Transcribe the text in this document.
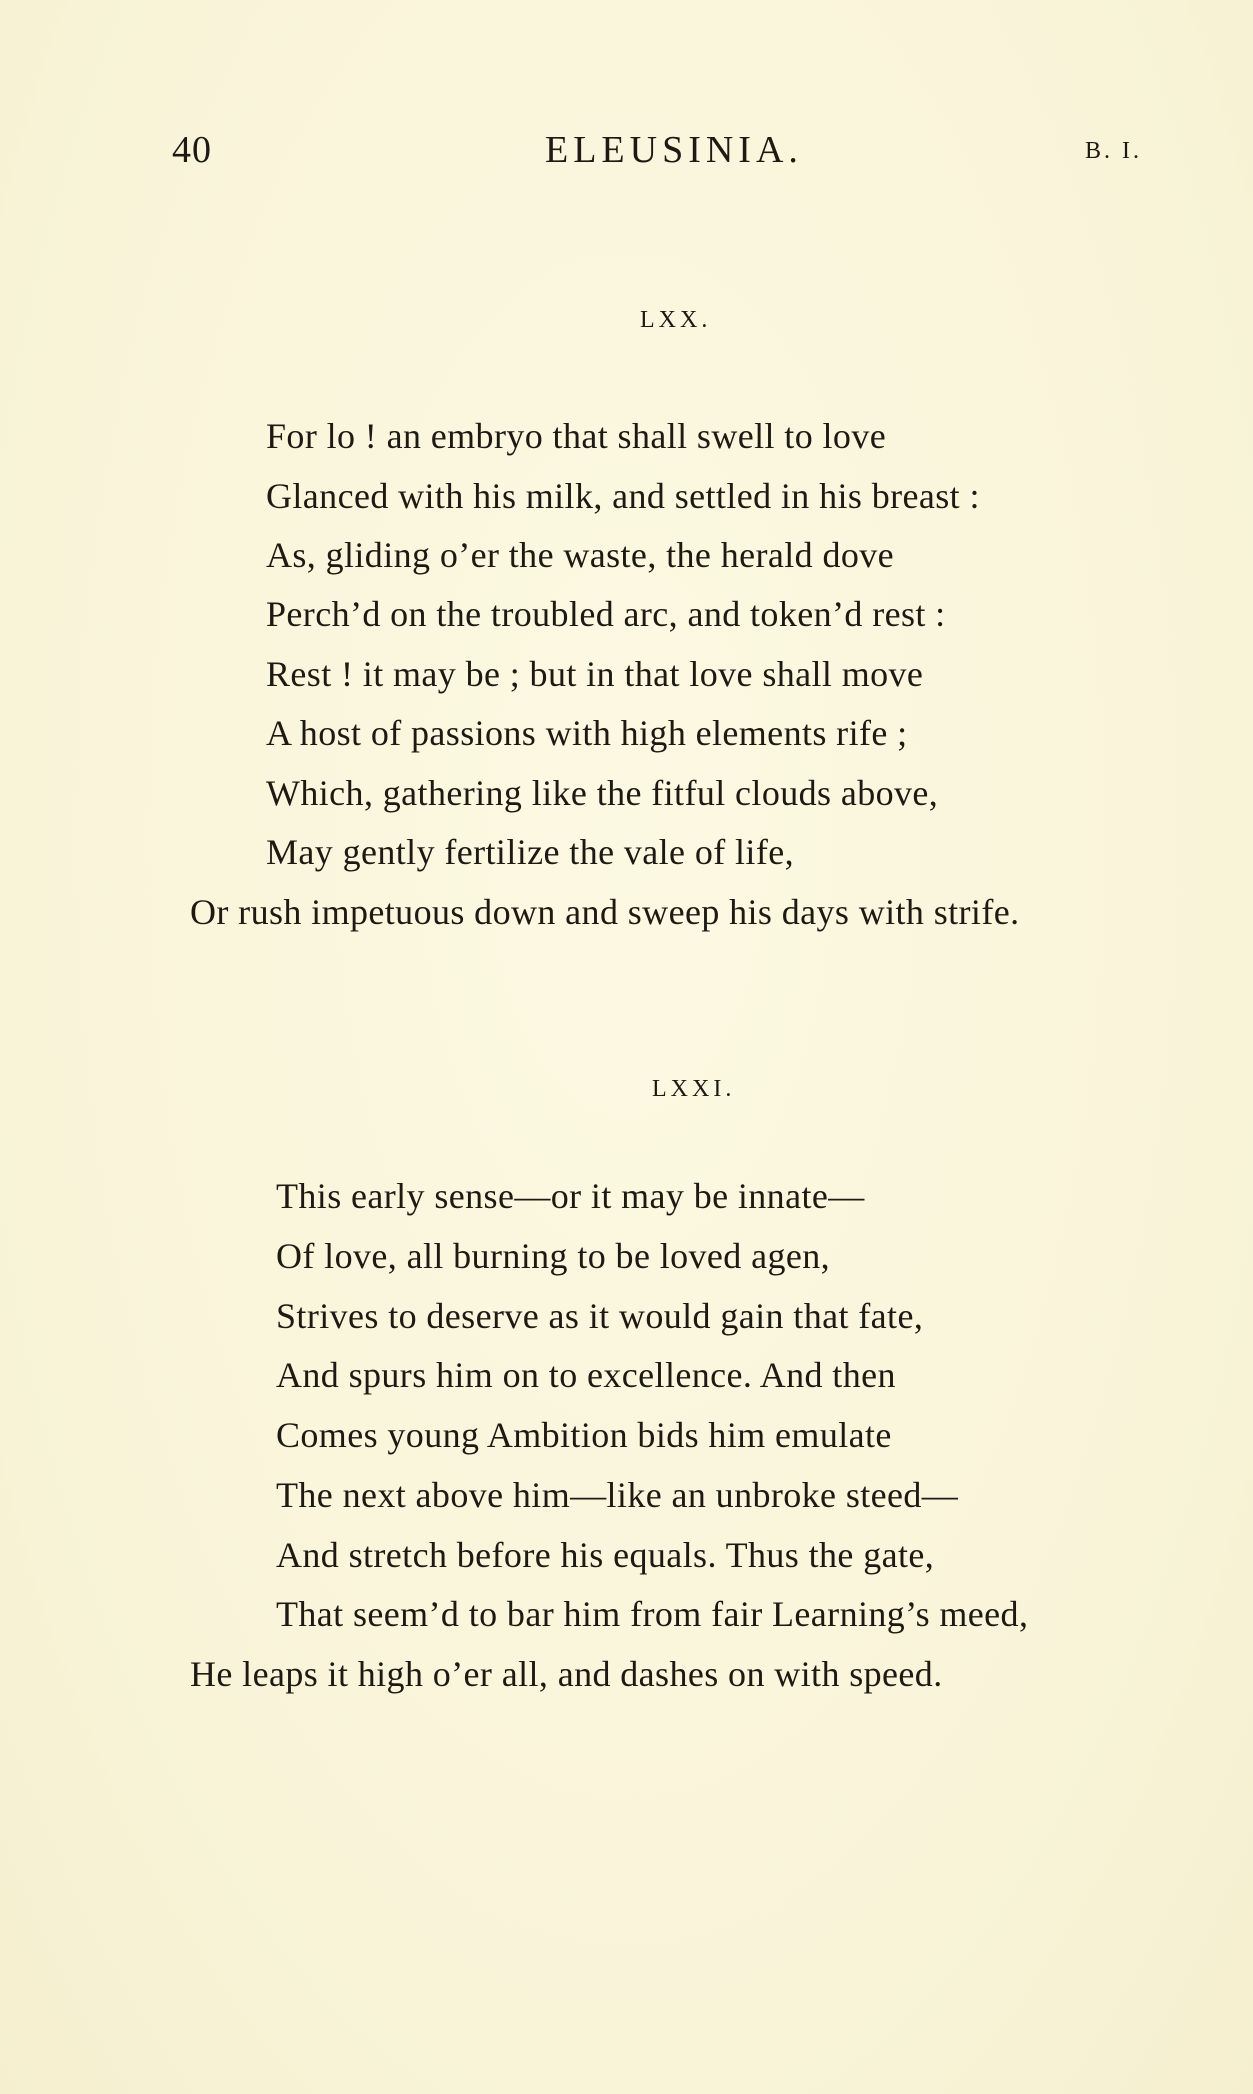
40	ELEUSINIA.	B. I.
LXX.
For lo ! an embryo that shall swell to love
Glanced with his milk, and settled in his breast :
As, gliding o’er the waste, the herald dove
Perch’d on the troubled arc, and token’d rest :
Rest ! it may be ; but in that love shall move
A host of passions with high elements rife ;
Which, gathering like the fitful clouds above,
May gently fertilize the vale of life,
Or rush impetuous down and sweep his days with strife.
LXXI.
This early sense—or it may be innate—
Of love, all burning to be loved agen,
Strives to deserve as it would gain that fate,
And spurs him on to excellence. And then
Comes young Ambition bids him emulate
The next above him—like an unbroke steed—
And stretch before his equals. Thus the gate,
That seem’d to bar him from fair Learning’s meed,
He leaps it high o’er all, and dashes on with speed.
